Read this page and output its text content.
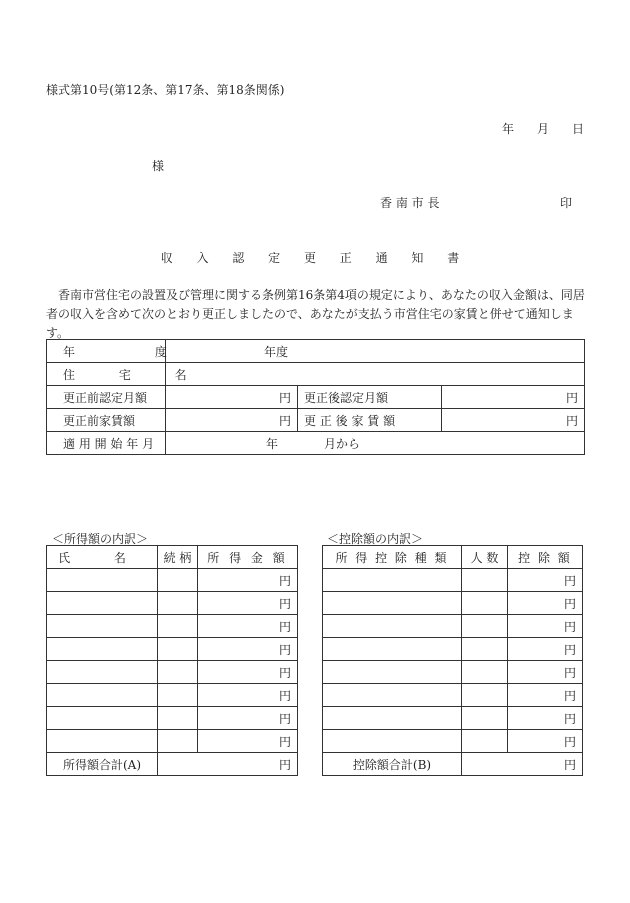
様式第10号(第12条、第17条、第18条関係)
年 月 日
様
香 南 市 長	印
収 入 認 定 更 正 通 知 書
香南市営住宅の設置及び管理に関する条例第16条第4項の規定により、あなたの収入金額は、同居者の収入を含めて次のとおり更正しましたので、あなたが支払う市営住宅の家賃と併せて通知します。
年 度	年度		
住 宅 名			
更正前認定月額	円	更正後認定月額	円
更正前家賃額	円	更 正 後 家 賃 額	円
適 用 開 始 年 月	年 月から		
＜所得額の内訳＞
氏 名	続 柄	所 得 金 額
		円
		円
		円
		円
		円
		円
		円
		円
所得額合計(A)	円
＜控除額の内訳＞
所 得 控 除 種 類	人 数	控 除 額
		円
		円
		円
		円
		円
		円
		円
		円
控除額合計(B)	円
